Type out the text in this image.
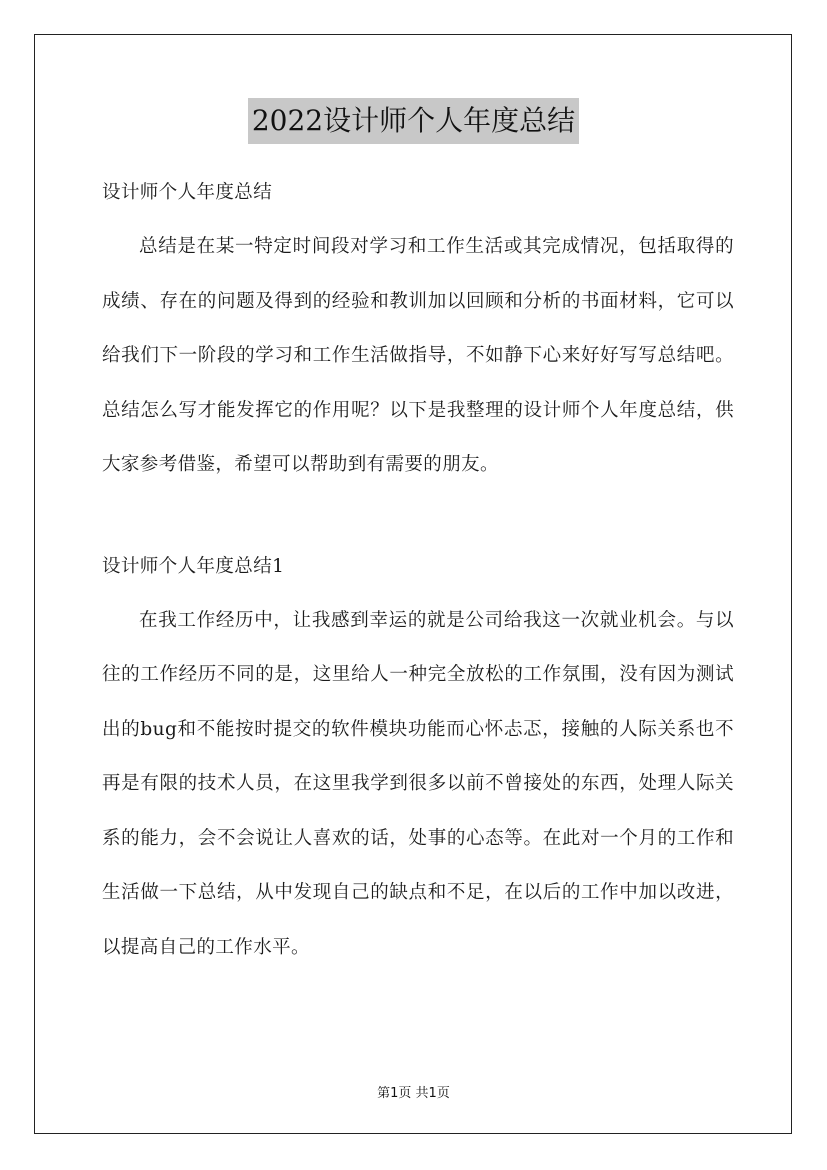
2022设计师个人年度总结

设计师个人年度总结

总结是在某一特定时间段对学习和工作生活或其完成情况，包括取得的成绩、存在的问题及得到的经验和教训加以回顾和分析的书面材料，它可以给我们下一阶段的学习和工作生活做指导，不如静下心来好好写写总结吧。总结怎么写才能发挥它的作用呢？以下是我整理的设计师个人年度总结，供大家参考借鉴，希望可以帮助到有需要的朋友。

设计师个人年度总结1

在我工作经历中，让我感到幸运的就是公司给我这一次就业机会。与以往的工作经历不同的是，这里给人一种完全放松的工作氛围，没有因为测试出的bug和不能按时提交的软件模块功能而心怀忐忑，接触的人际关系也不再是有限的技术人员，在这里我学到很多以前不曾接处的东西，处理人际关系的能力，会不会说让人喜欢的话，处事的心态等。在此对一个月的工作和生活做一下总结，从中发现自己的缺点和不足，在以后的工作中加以改进，以提高自己的工作水平。

第1页 共1页
